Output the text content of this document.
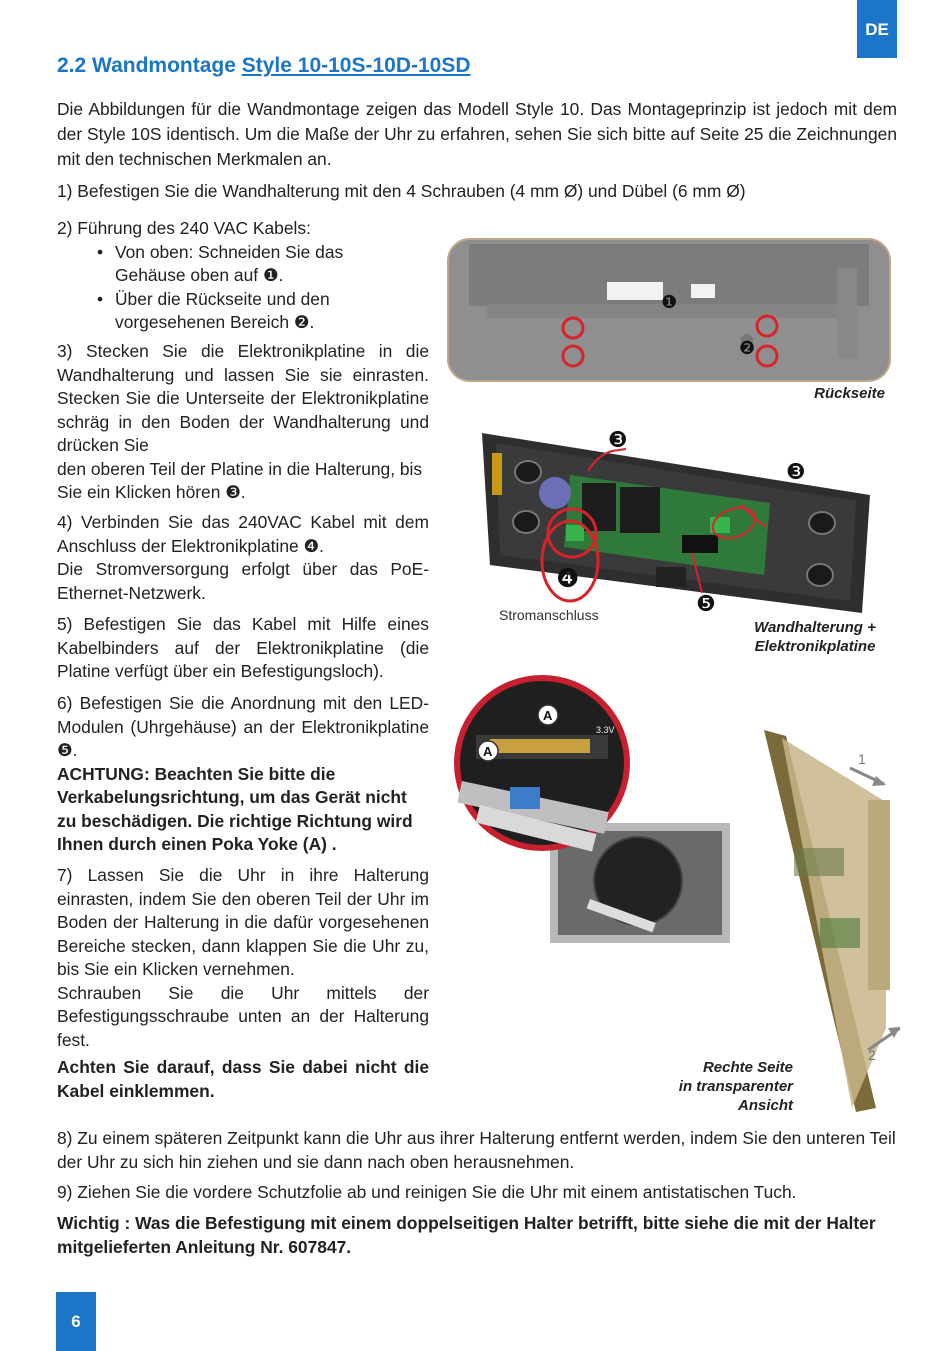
DE
2.2 Wandmontage Style 10-10S-10D-10SD

Die Abbildungen für die Wandmontage zeigen das Modell Style 10. Das Montageprinzip ist jedoch mit dem der Style 10S identisch. Um die Maße der Uhr zu erfahren, sehen Sie sich bitte auf Seite 25 die Zeichnungen mit den technischen Merkmalen an.

1) Befestigen Sie die Wandhalterung mit den 4 Schrauben (4 mm Ø) und Dübel (6 mm Ø)

2) Führung des 240 VAC Kabels:
• Von oben: Schneiden Sie das Gehäuse oben auf ❶.
• Über die Rückseite und den vorgesehenen Bereich ❷.
3) Stecken Sie die Elektronikplatine in die Wandhalterung und lassen Sie sie einrasten. Stecken Sie die Unterseite der Elektronikplatine schräg in den Boden der Wandhalterung und drücken Sie
den oberen Teil der Platine in die Halterung, bis Sie ein Klicken hören ❸.
4) Verbinden Sie das 240VAC Kabel mit dem Anschluss der Elektronikplatine ❹.
Die Stromversorgung erfolgt über das PoE-Ethernet-Netzwerk.

5) Befestigen Sie das Kabel mit Hilfe eines Kabelbinders auf der Elektronikplatine (die Platine verfügt über ein Befestigungsloch).

6) Befestigen Sie die Anordnung mit den LED-Modulen (Uhrgehäuse) an der Elektronikplatine ❺.
ACHTUNG: Beachten Sie bitte die Verkabelungsrichtung, um das Gerät nicht zu beschädigen. Die richtige Richtung wird Ihnen durch einen Poka Yoke (A) .
7) Lassen Sie die Uhr in ihre Halterung einrasten, indem Sie den oberen Teil der Uhr im Boden der Halterung in die dafür vorgesehenen Bereiche stecken, dann klappen Sie die Uhr zu, bis Sie ein Klicken vernehmen.
Schrauben Sie die Uhr mittels der Befestigungsschraube unten an der Halterung fest.
Achten Sie darauf, dass Sie dabei nicht die Kabel einklemmen.

8) Zu einem späteren Zeitpunkt kann die Uhr aus ihrer Halterung entfernt werden, indem Sie den unteren Teil der Uhr zu sich hin ziehen und sie dann nach oben herausnehmen.

9) Ziehen Sie die vordere Schutzfolie ab und reinigen Sie die Uhr mit einem antistatischen Tuch.

Wichtig : Was die Befestigung mit einem doppelseitigen Halter betrifft, bitte siehe die mit der Halter mitgelieferten Anleitung Nr. 607847.

❶
❷
Rückseite
❸
❸
❹
❺
Stromanschluss
Wandhalterung +
Elektronikplatine
A
A
3.3V
1
2
Rechte Seite
in transparenter
Ansicht
6
